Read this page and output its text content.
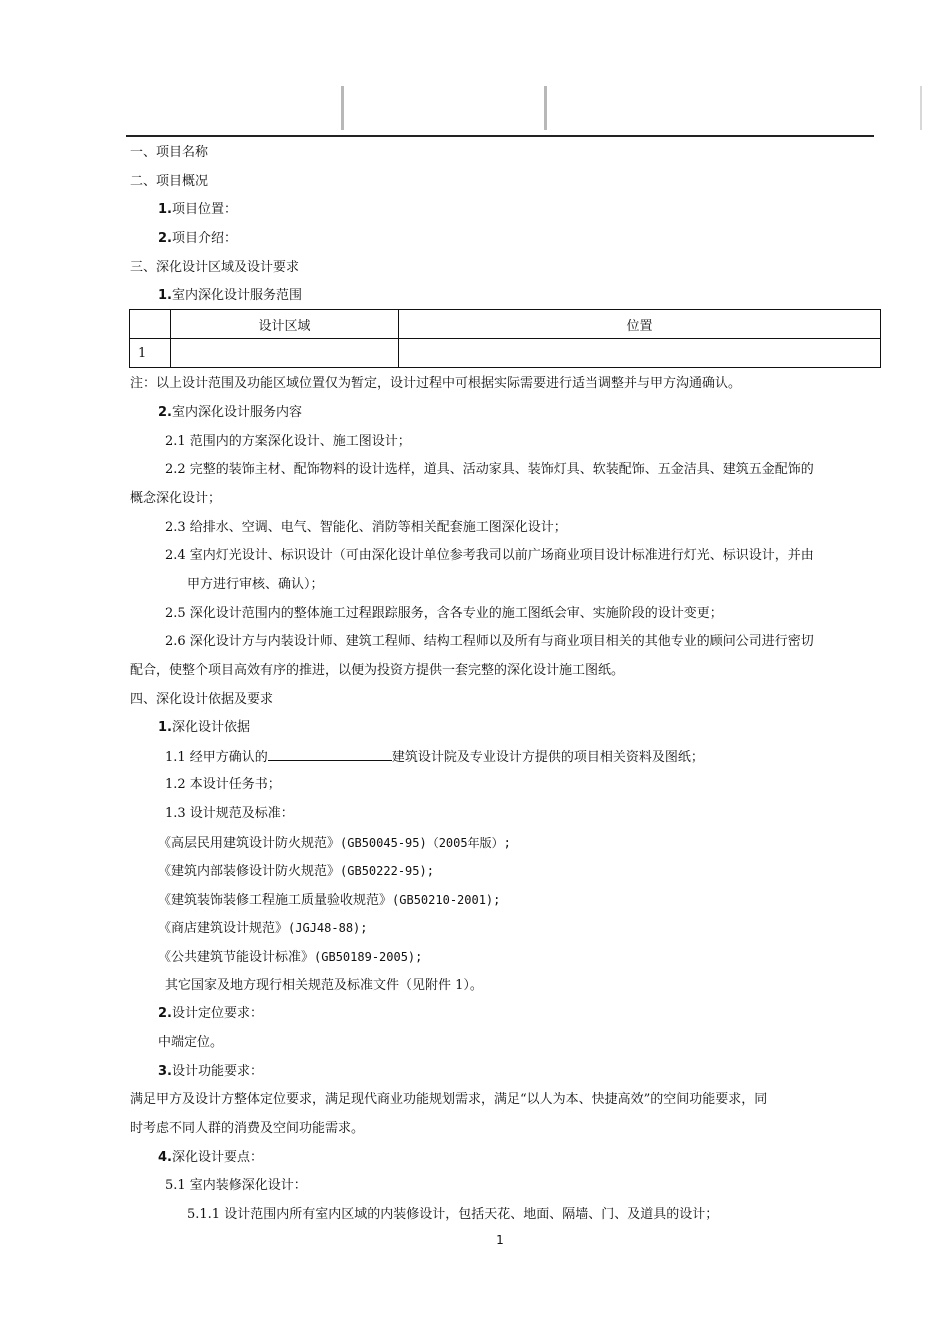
一、项目名称
二、项目概况
1.项目位置：
2.项目介绍：
三、深化设计区域及设计要求
1.室内深化设计服务范围
	设计区域	位置
1		
注：以上设计范围及功能区域位置仅为暂定，设计过程中可根据实际需要进行适当调整并与甲方沟通确认。
2.室内深化设计服务内容
2.1 范围内的方案深化设计、施工图设计；
2.2 完整的装饰主材、配饰物料的设计选样，道具、活动家具、装饰灯具、软装配饰、五金洁具、建筑五金配饰的
概念深化设计；
2.3 给排水、空调、电气、智能化、消防等相关配套施工图深化设计；
2.4 室内灯光设计、标识设计（可由深化设计单位参考我司以前广场商业项目设计标准进行灯光、标识设计，并由
甲方进行审核、确认）；
2.5 深化设计范围内的整体施工过程跟踪服务，含各专业的施工图纸会审、实施阶段的设计变更；
2.6 深化设计方与内装设计师、建筑工程师、结构工程师以及所有与商业项目相关的其他专业的顾问公司进行密切
配合，使整个项目高效有序的推进，以便为投资方提供一套完整的深化设计施工图纸。
四、深化设计依据及要求
1.深化设计依据
1.1 经甲方确认的	建筑设计院及专业设计方提供的项目相关资料及图纸；
1.2 本设计任务书；
1.3 设计规范及标准：
《高层民用建筑设计防火规范》(GB50045-95)（2005年版）;
《建筑内部装修设计防火规范》(GB50222-95);
《建筑装饰装修工程施工质量验收规范》(GB50210-2001);
《商店建筑设计规范》(JGJ48-88);
《公共建筑节能设计标准》(GB50189-2005);
其它国家及地方现行相关规范及标准文件（见附件 1）。
2.设计定位要求：
中端定位。
3.设计功能要求：
满足甲方及设计方整体定位要求，满足现代商业功能规划需求，满足“以人为本、快捷高效”的空间功能要求，同
时考虑不同人群的消费及空间功能需求。
4.深化设计要点：
5.1 室内装修深化设计：
5.1.1 设计范围内所有室内区域的内装修设计，包括天花、地面、隔墙、门、及道具的设计；
1
